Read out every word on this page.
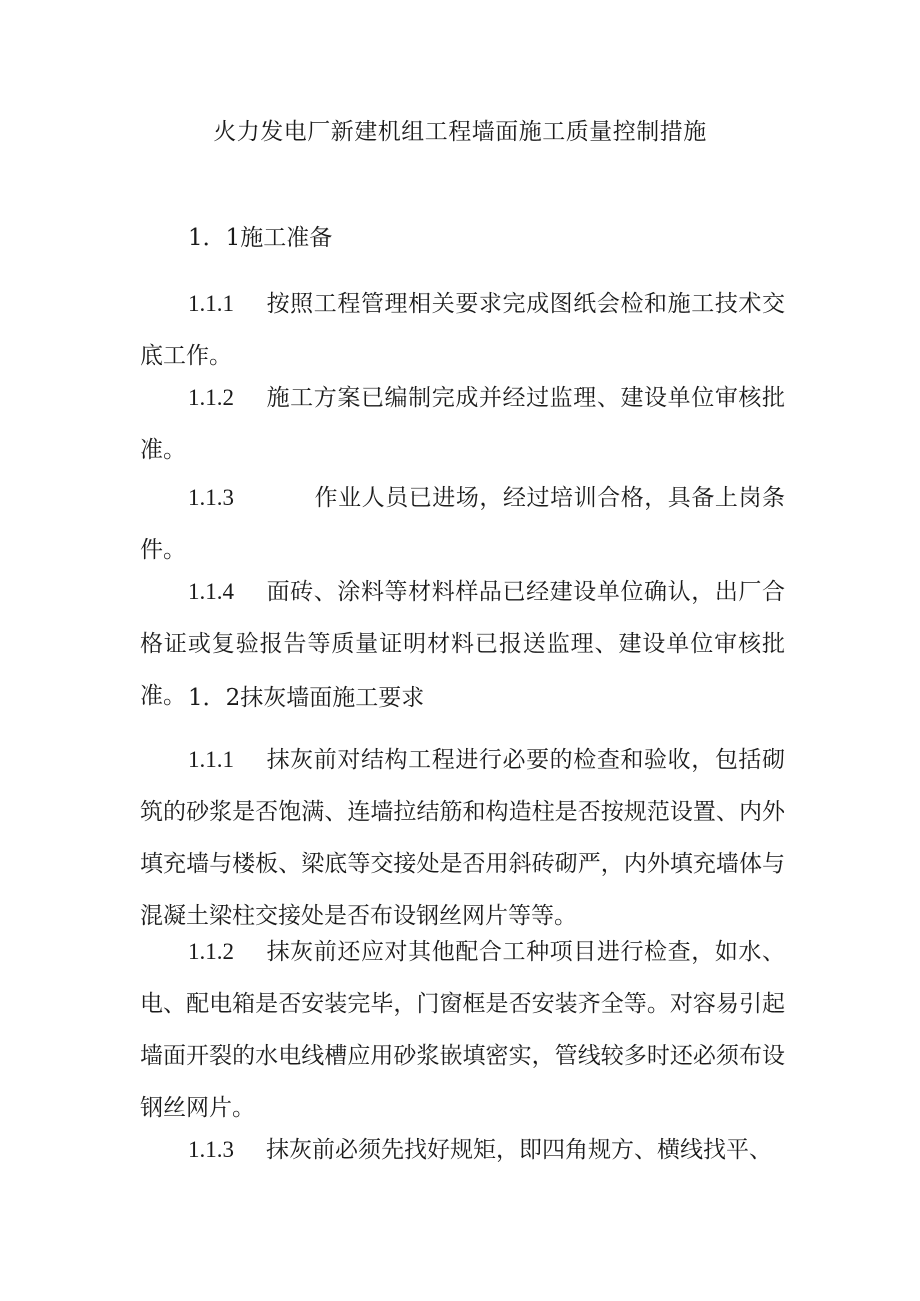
火力发电厂新建机组工程墙面施工质量控制措施
1．1施工准备
1.1.1 按照工程管理相关要求完成图纸会检和施工技术交底工作。
1.1.2 施工方案已编制完成并经过监理、建设单位审核批准。
1.1.3	作业人员已进场，经过培训合格，具备上岗条件。
1.1.4 面砖、涂料等材料样品已经建设单位确认，出厂合格证或复验报告等质量证明材料已报送监理、建设单位审核批准。 1．2抹灰墙面施工要求
1.1.1 抹灰前对结构工程进行必要的检查和验收，包括砌筑的砂浆是否饱满、连墙拉结筋和构造柱是否按规范设置、内外填充墙与楼板、梁底等交接处是否用斜砖砌严，内外填充墙体与混凝土梁柱交接处是否布设钢丝网片等等。
1.1.2 抹灰前还应对其他配合工种项目进行检查，如水、电、配电箱是否安装完毕，门窗框是否安装齐全等。对容易引起墙面开裂的水电线槽应用砂浆嵌填密实，管线较多时还必须布设钢丝网片。
1.1.3 抹灰前必须先找好规矩，即四角规方、横线找平、
